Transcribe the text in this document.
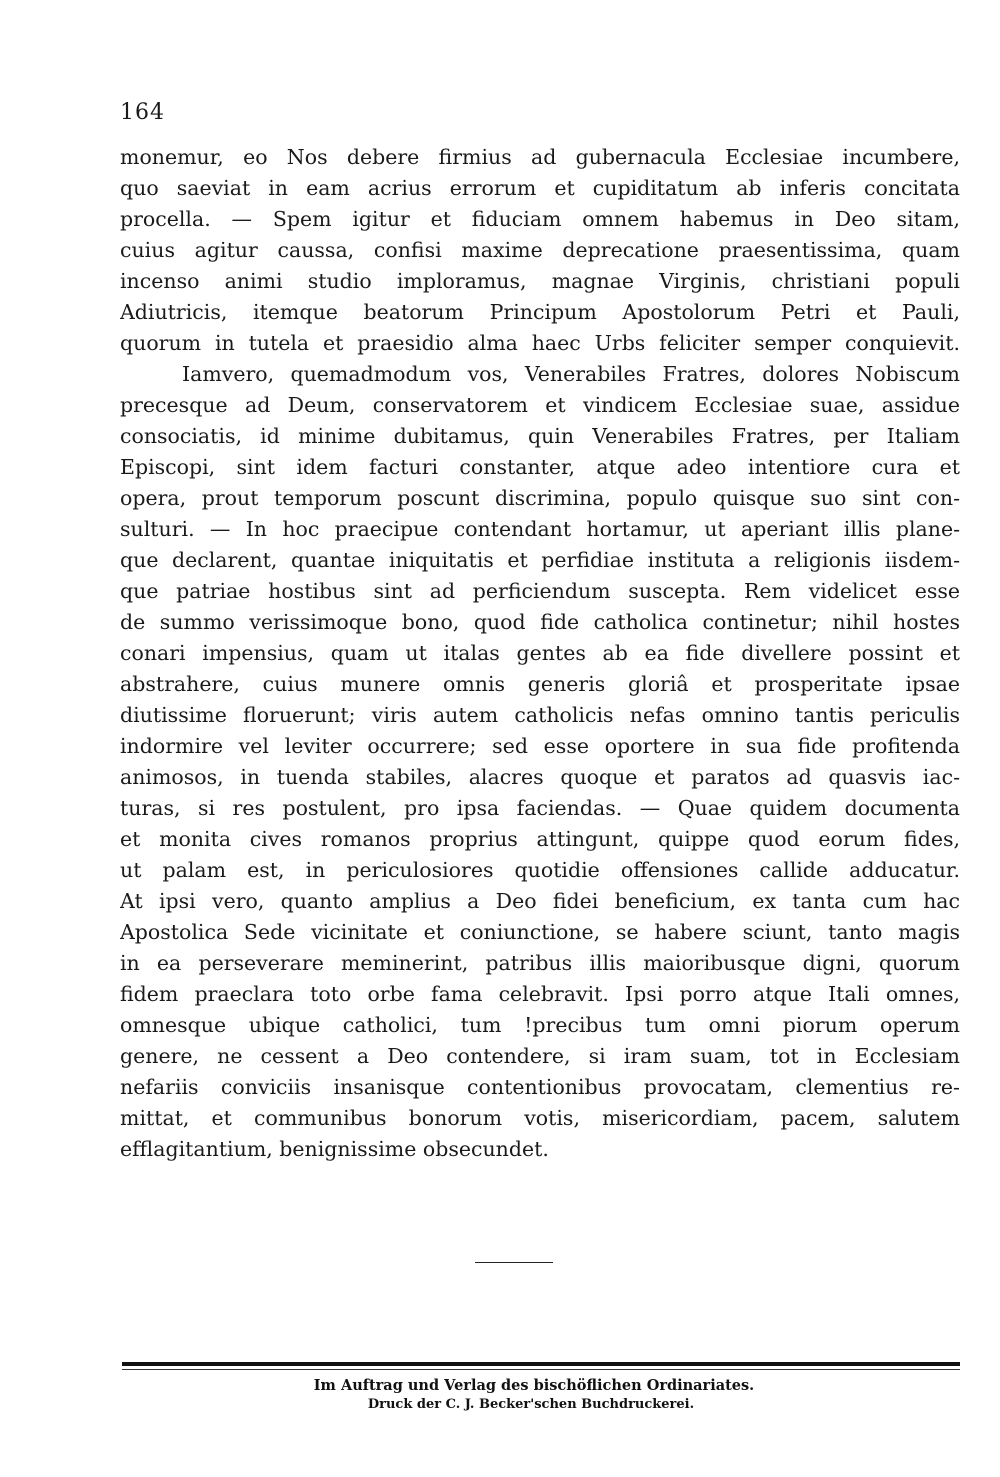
164
monemur, eo Nos debere firmius ad gubernacula Ecclesiae incumbere,
quo saeviat in eam acrius errorum et cupiditatum ab inferis concitata
procella. — Spem igitur et fiduciam omnem habemus in Deo sitam,
cuius agitur caussa, confisi maxime deprecatione praesentissima, quam
incenso animi studio imploramus, magnae Virginis, christiani populi
Adiutricis, itemque beatorum Principum Apostolorum Petri et Pauli,
quorum in tutela et praesidio alma haec Urbs feliciter semper conquievit.
Iamvero, quemadmodum vos, Venerabiles Fratres, dolores Nobiscum
precesque ad Deum, conservatorem et vindicem Ecclesiae suae, assidue
consociatis, id minime dubitamus, quin Venerabiles Fratres, per Italiam
Episcopi, sint idem facturi constanter, atque adeo intentiore cura et
opera, prout temporum poscunt discrimina, populo quisque suo sint con-
sulturi. — In hoc praecipue contendant hortamur, ut aperiant illis plane-
que declarent, quantae iniquitatis et perfidiae instituta a religionis iisdem-
que patriae hostibus sint ad perficiendum suscepta. Rem videlicet esse
de summo verissimoque bono, quod fide catholica continetur; nihil hostes
conari impensius, quam ut italas gentes ab ea fide divellere possint et
abstrahere, cuius munere omnis generis gloriâ et prosperitate ipsae
diutissime floruerunt; viris autem catholicis nefas omnino tantis periculis
indormire vel leviter occurrere; sed esse oportere in sua fide profitenda
animosos, in tuenda stabiles, alacres quoque et paratos ad quasvis iac-
turas, si res postulent, pro ipsa faciendas. — Quae quidem documenta
et monita cives romanos proprius attingunt, quippe quod eorum fides,
ut palam est, in periculosiores quotidie offensiones callide adducatur.
At ipsi vero, quanto amplius a Deo fidei beneficium, ex tanta cum hac
Apostolica Sede vicinitate et coniunctione, se habere sciunt, tanto magis
in ea perseverare meminerint, patribus illis maioribusque digni, quorum
fidem praeclara toto orbe fama celebravit. Ipsi porro atque Itali omnes,
omnesque ubique catholici, tum !precibus tum omni piorum operum
genere, ne cessent a Deo contendere, si iram suam, tot in Ecclesiam
nefariis conviciis insanisque contentionibus provocatam, clementius re-
mittat, et communibus bonorum votis, misericordiam, pacem, salutem
efflagitantium, benignissime obsecundet.
Im Auftrag und Verlag des bischöflichen Ordinariates.
Druck der C. J. Becker'schen Buchdruckerei.
